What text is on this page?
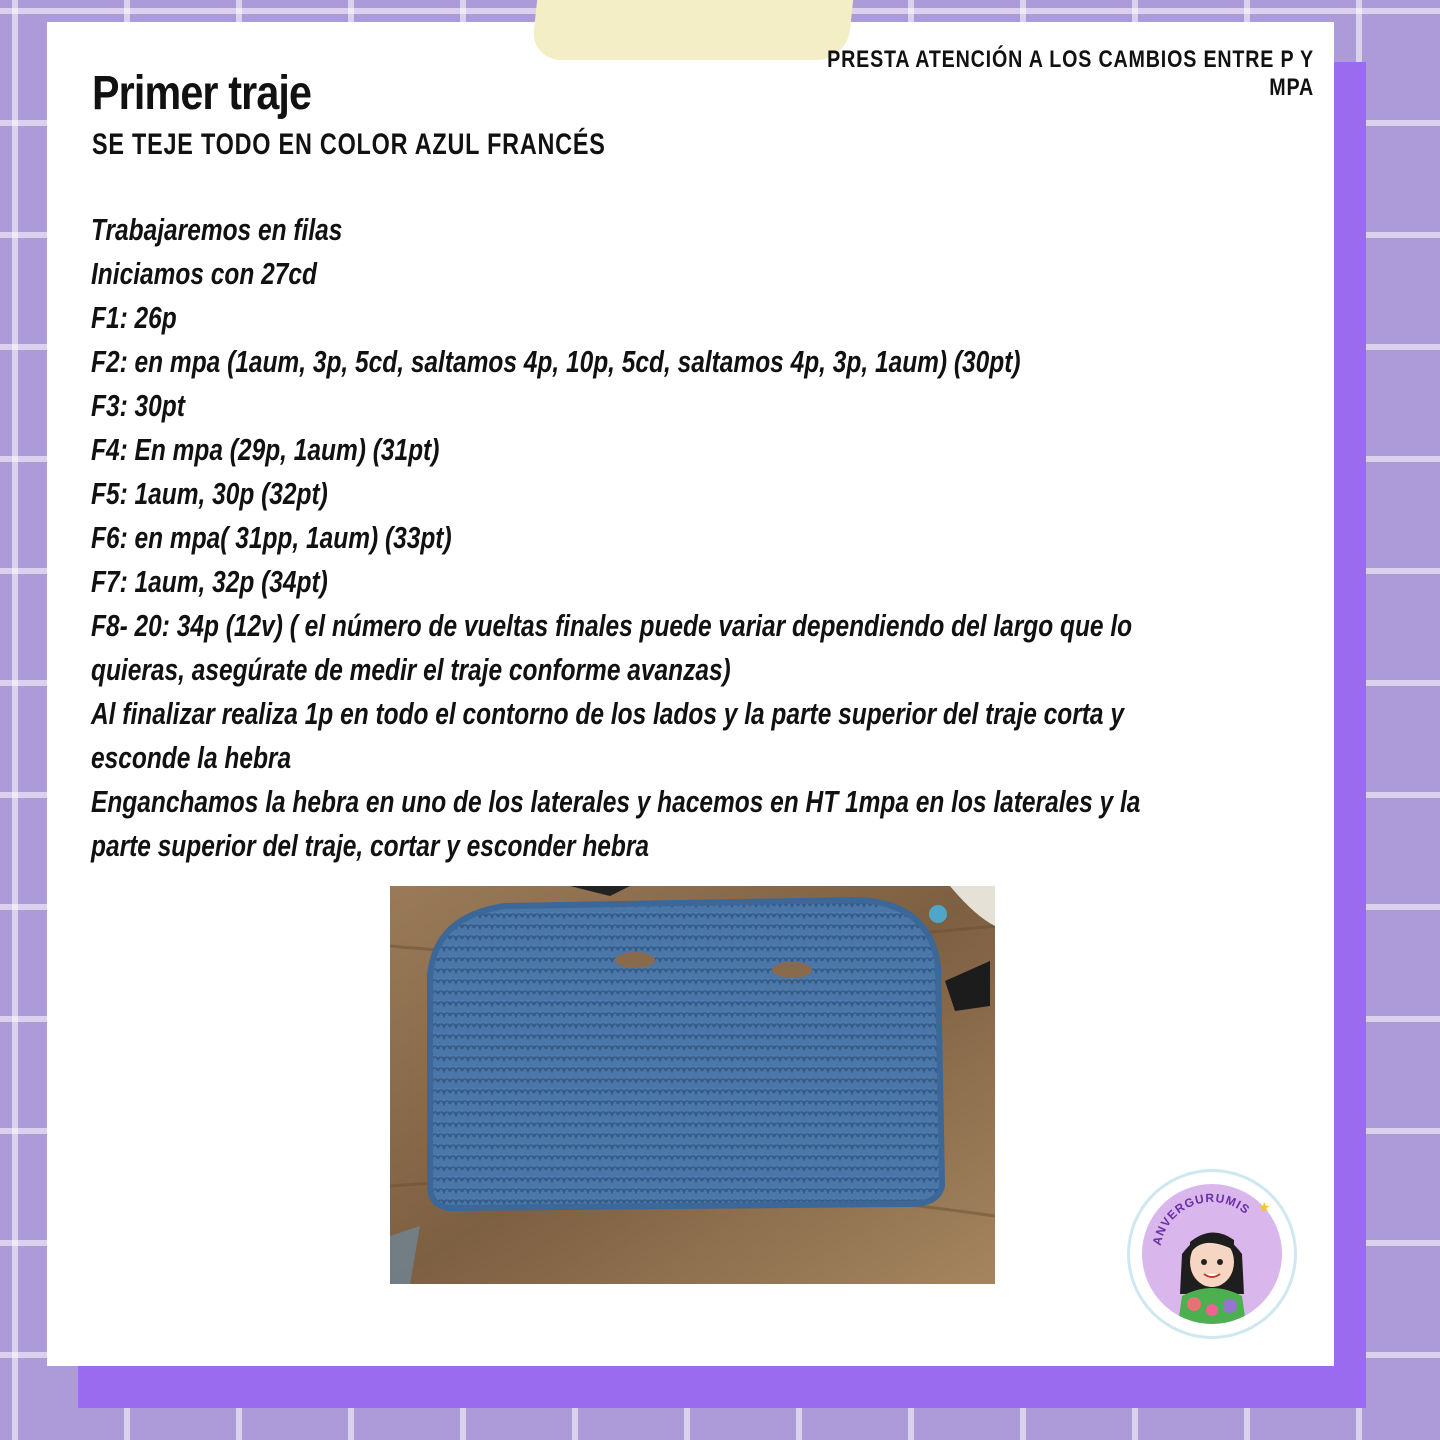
PRESTA ATENCIÓN A LOS CAMBIOS ENTRE P Y MPA
Primer traje
SE TEJE TODO EN COLOR AZUL FRANCÉS
Trabajaremos en filas
Iniciamos con 27cd
F1: 26p
F2: en mpa (1aum, 3p, 5cd, saltamos 4p, 10p, 5cd, saltamos 4p, 3p, 1aum) (30pt)
F3: 30pt
F4: En mpa (29p, 1aum) (31pt)
F5: 1aum, 30p (32pt)
F6: en mpa( 31pp, 1aum) (33pt)
F7: 1aum, 32p (34pt)
F8- 20: 34p (12v) ( el número de vueltas finales puede variar dependiendo del largo que lo
quieras, asegúrate de medir el traje conforme avanzas)
Al finalizar realiza 1p en todo el contorno de los lados y la parte superior del traje corta y
esconde la hebra
Enganchamos la hebra en uno de los laterales y hacemos en HT 1mpa en los laterales y la
parte superior del traje, cortar y esconder hebra
ANVERGURUMIS ★
